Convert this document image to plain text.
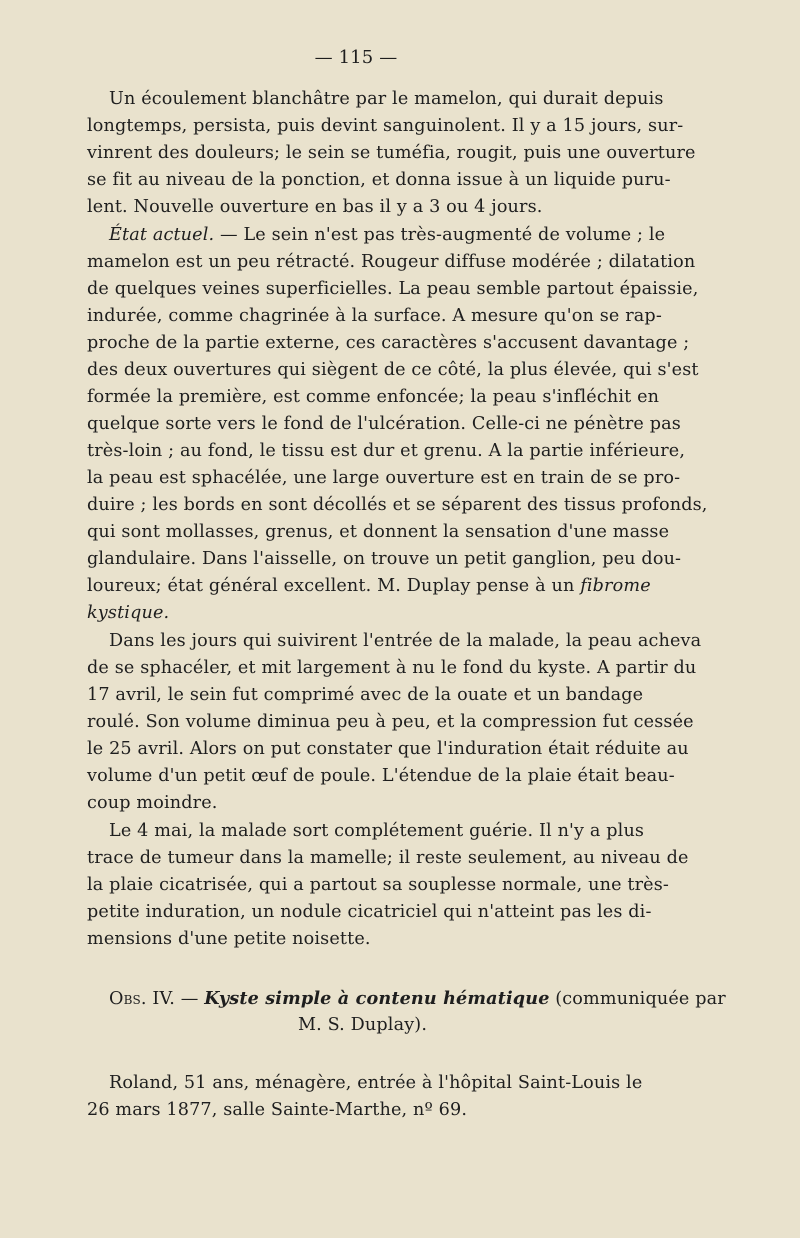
— 115 —
Un écoulement blanchâtre par le mamelon, qui durait depuis
longtemps, persista, puis devint sanguinolent. Il y a 15 jours, sur-
vinrent des douleurs; le sein se tuméfia, rougit, puis une ouverture
se fit au niveau de la ponction, et donna issue à un liquide puru-
lent. Nouvelle ouverture en bas il y a 3 ou 4 jours.
État actuel. — Le sein n'est pas très-augmenté de volume ; le
mamelon est un peu rétracté. Rougeur diffuse modérée ; dilatation
de quelques veines superficielles. La peau semble partout épaissie,
indurée, comme chagrinée à la surface. A mesure qu'on se rap-
proche de la partie externe, ces caractères s'accusent davantage ;
des deux ouvertures qui siègent de ce côté, la plus élevée, qui s'est
formée la première, est comme enfoncée; la peau s'infléchit en
quelque sorte vers le fond de l'ulcération. Celle-ci ne pénètre pas
très-loin ; au fond, le tissu est dur et grenu. A la partie inférieure,
la peau est sphacélée, une large ouverture est en train de se pro-
duire ; les bords en sont décollés et se séparent des tissus profonds,
qui sont mollasses, grenus, et donnent la sensation d'une masse
glandulaire. Dans l'aisselle, on trouve un petit ganglion, peu dou-
loureux; état général excellent. M. Duplay pense à un fibrome
kystique.
Dans les jours qui suivirent l'entrée de la malade, la peau acheva
de se sphacéler, et mit largement à nu le fond du kyste. A partir du
17 avril, le sein fut comprimé avec de la ouate et un bandage
roulé. Son volume diminua peu à peu, et la compression fut cessée
le 25 avril. Alors on put constater que l'induration était réduite au
volume d'un petit œuf de poule. L'étendue de la plaie était beau-
coup moindre.
Le 4 mai, la malade sort complétement guérie. Il n'y a plus
trace de tumeur dans la mamelle; il reste seulement, au niveau de
la plaie cicatrisée, qui a partout sa souplesse normale, une très-
petite induration, un nodule cicatriciel qui n'atteint pas les di-
mensions d'une petite noisette.
Obs. IV. — Kyste simple à contenu hématique (communiquée par
M. S. Duplay).
Roland, 51 ans, ménagère, entrée à l'hôpital Saint-Louis le
26 mars 1877, salle Sainte-Marthe, nº 69.
